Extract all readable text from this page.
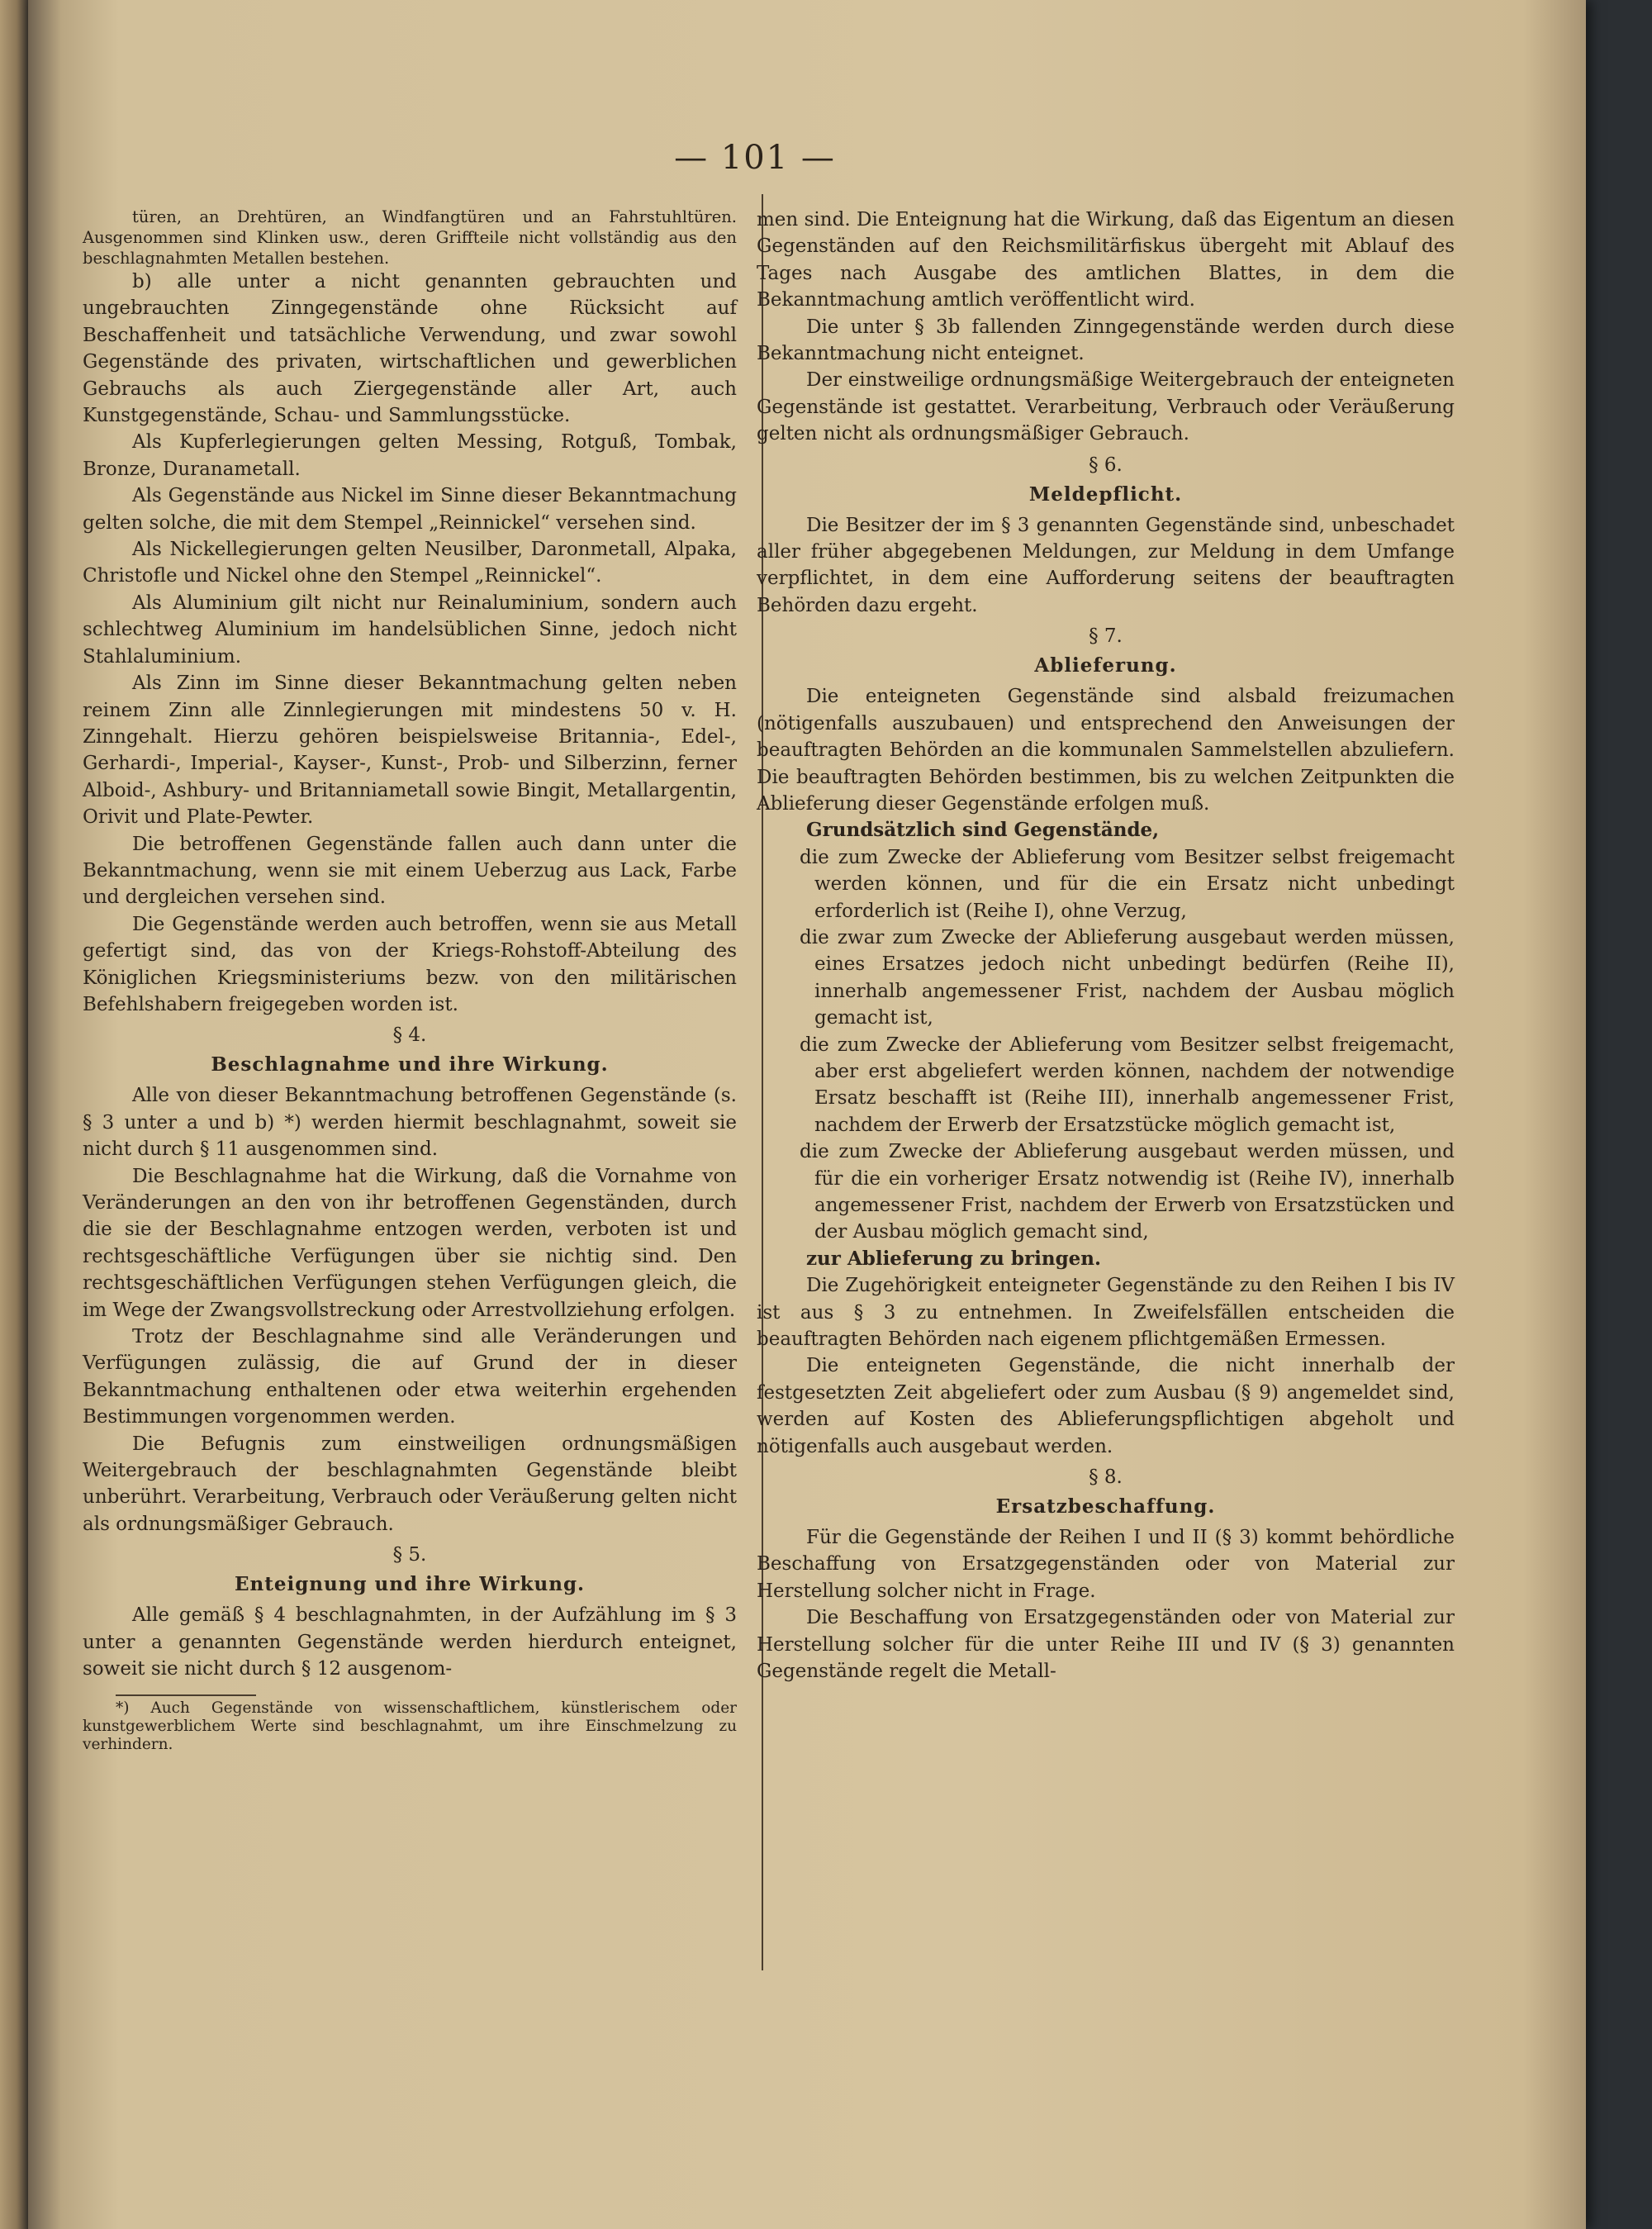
— 101 —

türen, an Drehtüren, an Windfangtüren und an Fahrstuhltüren. Ausgenommen sind Klinken usw., deren Griffteile nicht vollständig aus den beschlagnahmten Metallen bestehen.

b) alle unter a nicht genannten gebrauchten und ungebrauchten Zinngegenstände ohne Rücksicht auf Beschaffenheit und tatsächliche Verwendung, und zwar sowohl Gegenstände des privaten, wirtschaftlichen und gewerblichen Gebrauchs als auch Ziergegenstände aller Art, auch Kunstgegenstände, Schau- und Sammlungsstücke.

Als Kupferlegierungen gelten Messing, Rotguß, Tombak, Bronze, Duranametall.

Als Gegenstände aus Nickel im Sinne dieser Bekanntmachung gelten solche, die mit dem Stempel „Reinnickel“ versehen sind.

Als Nickellegierungen gelten Neusilber, Daronmetall, Alpaka, Christofle und Nickel ohne den Stempel „Reinnickel“.

Als Aluminium gilt nicht nur Reinaluminium, sondern auch schlechtweg Aluminium im handelsüblichen Sinne, jedoch nicht Stahlaluminium.

Als Zinn im Sinne dieser Bekanntmachung gelten neben reinem Zinn alle Zinnlegierungen mit mindestens 50 v. H. Zinngehalt. Hierzu gehören beispielsweise Britannia-, Edel-, Gerhardi-, Imperial-, Kayser-, Kunst-, Prob- und Silberzinn, ferner Alboid-, Ashbury- und Britanniametall sowie Bingit, Metallargentin, Orivit und Plate-Pewter.

Die betroffenen Gegenstände fallen auch dann unter die Bekanntmachung, wenn sie mit einem Ueberzug aus Lack, Farbe und dergleichen versehen sind.

Die Gegenstände werden auch betroffen, wenn sie aus Metall gefertigt sind, das von der Kriegs-Rohstoff-Abteilung des Königlichen Kriegsministeriums bezw. von den militärischen Befehlshabern freigegeben worden ist.

§ 4.
Beschlagnahme und ihre Wirkung.

Alle von dieser Bekanntmachung betroffenen Gegenstände (s. § 3 unter a und b) *) werden hiermit beschlagnahmt, soweit sie nicht durch § 11 ausgenommen sind.

Die Beschlagnahme hat die Wirkung, daß die Vornahme von Veränderungen an den von ihr betroffenen Gegenständen, durch die sie der Beschlagnahme entzogen werden, verboten ist und rechtsgeschäftliche Verfügungen über sie nichtig sind. Den rechtsgeschäftlichen Verfügungen stehen Verfügungen gleich, die im Wege der Zwangsvollstreckung oder Arrestvollziehung erfolgen.

Trotz der Beschlagnahme sind alle Veränderungen und Verfügungen zulässig, die auf Grund der in dieser Bekanntmachung enthaltenen oder etwa weiterhin ergehenden Bestimmungen vorgenommen werden.

Die Befugnis zum einstweiligen ordnungsmäßigen Weitergebrauch der beschlagnahmten Gegenstände bleibt unberührt. Verarbeitung, Verbrauch oder Veräußerung gelten nicht als ordnungsmäßiger Gebrauch.

§ 5.
Enteignung und ihre Wirkung.

Alle gemäß § 4 beschlagnahmten, in der Aufzählung im § 3 unter a genannten Gegenstände werden hierdurch enteignet, soweit sie nicht durch § 12 ausgenom-

*) Auch Gegenstände von wissenschaftlichem, künstlerischem oder kunstgewerblichem Werte sind beschlagnahmt, um ihre Einschmelzung zu verhindern.

men sind. Die Enteignung hat die Wirkung, daß das Eigentum an diesen Gegenständen auf den Reichsmilitärfiskus übergeht mit Ablauf des Tages nach Ausgabe des amtlichen Blattes, in dem die Bekanntmachung amtlich veröffentlicht wird.

Die unter § 3b fallenden Zinngegenstände werden durch diese Bekanntmachung nicht enteignet.

Der einstweilige ordnungsmäßige Weitergebrauch der enteigneten Gegenstände ist gestattet. Verarbeitung, Verbrauch oder Veräußerung gelten nicht als ordnungsmäßiger Gebrauch.

§ 6.
Meldepflicht.

Die Besitzer der im § 3 genannten Gegenstände sind, unbeschadet aller früher abgegebenen Meldungen, zur Meldung in dem Umfange verpflichtet, in dem eine Aufforderung seitens der beauftragten Behörden dazu ergeht.

§ 7.
Ablieferung.

Die enteigneten Gegenstände sind alsbald freizumachen (nötigenfalls auszubauen) und entsprechend den Anweisungen der beauftragten Behörden an die kommunalen Sammelstellen abzuliefern. Die beauftragten Behörden bestimmen, bis zu welchen Zeitpunkten die Ablieferung dieser Gegenstände erfolgen muß.

Grundsätzlich sind Gegenstände,

die zum Zwecke der Ablieferung vom Besitzer selbst freigemacht werden können, und für die ein Ersatz nicht unbedingt erforderlich ist (Reihe I), ohne Verzug,

die zwar zum Zwecke der Ablieferung ausgebaut werden müssen, eines Ersatzes jedoch nicht unbedingt bedürfen (Reihe II), innerhalb angemessener Frist, nachdem der Ausbau möglich gemacht ist,

die zum Zwecke der Ablieferung vom Besitzer selbst freigemacht, aber erst abgeliefert werden können, nachdem der notwendige Ersatz beschafft ist (Reihe III), innerhalb angemessener Frist, nachdem der Erwerb der Ersatzstücke möglich gemacht ist,

die zum Zwecke der Ablieferung ausgebaut werden müssen, und für die ein vorheriger Ersatz notwendig ist (Reihe IV), innerhalb angemessener Frist, nachdem der Erwerb von Ersatzstücken und der Ausbau möglich gemacht sind,

zur Ablieferung zu bringen.

Die Zugehörigkeit enteigneter Gegenstände zu den Reihen I bis IV ist aus § 3 zu entnehmen. In Zweifelsfällen entscheiden die beauftragten Behörden nach eigenem pflichtgemäßen Ermessen.

Die enteigneten Gegenstände, die nicht innerhalb der festgesetzten Zeit abgeliefert oder zum Ausbau (§ 9) angemeldet sind, werden auf Kosten des Ablieferungspflichtigen abgeholt und nötigenfalls auch ausgebaut werden.

§ 8.
Ersatzbeschaffung.

Für die Gegenstände der Reihen I und II (§ 3) kommt behördliche Beschaffung von Ersatzgegenständen oder von Material zur Herstellung solcher nicht in Frage.

Die Beschaffung von Ersatzgegenständen oder von Material zur Herstellung solcher für die unter Reihe III und IV (§ 3) genannten Gegenstände regelt die Metall-
